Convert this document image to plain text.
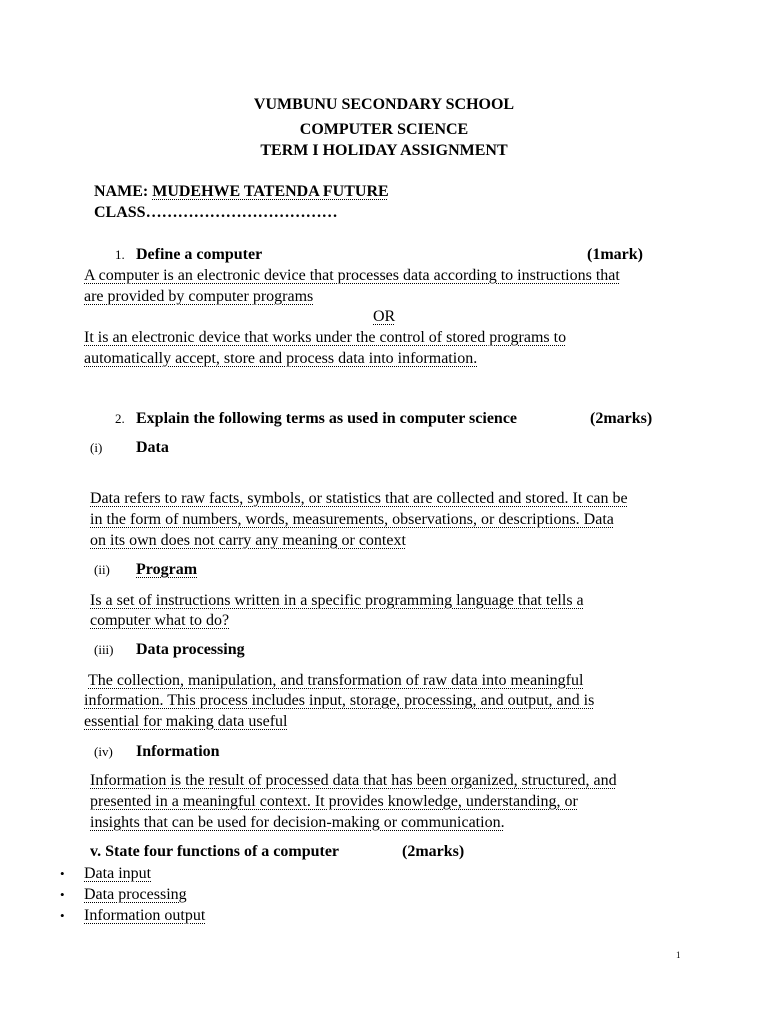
VUMBUNU SECONDARY SCHOOL
COMPUTER SCIENCE
TERM I HOLIDAY ASSIGNMENT
NAME: MUDEHWE TATENDA FUTURE
CLASS………………………………
1. Define a computer	(1mark)
A computer is an electronic device that processes data according to instructions that
are provided by computer programs
OR
It is an electronic device that works under the control of stored programs to
automatically accept, store and process data into information.
2. Explain the following terms as used in computer science	(2marks)
(i) Data
Data refers to raw facts, symbols, or statistics that are collected and stored. It can be
in the form of numbers, words, measurements, observations, or descriptions. Data
on its own does not carry any meaning or context
(ii) Program
Is a set of instructions written in a specific programming language that tells a
computer what to do?
(iii) Data processing
The collection, manipulation, and transformation of raw data into meaningful
information. This process includes input, storage, processing, and output, and is
essential for making data useful
(iv) Information
Information is the result of processed data that has been organized, structured, and
presented in a meaningful context. It provides knowledge, understanding, or
insights that can be used for decision-making or communication.
v. State four functions of a computer	(2marks)
• Data input
• Data processing
• Information output
1
